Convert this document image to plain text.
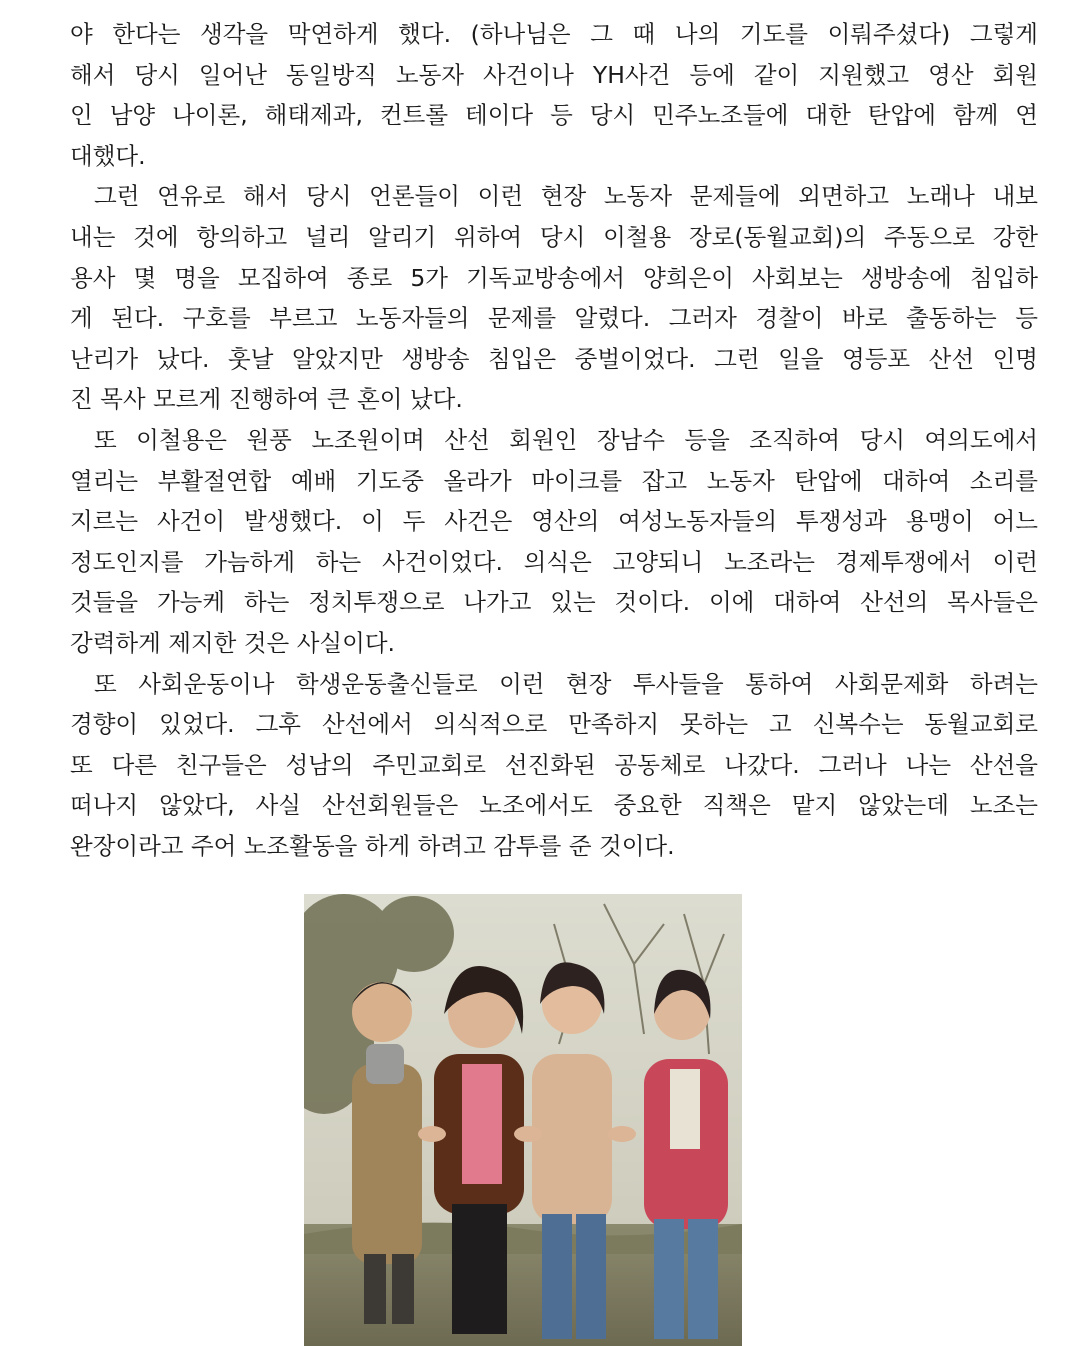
야 한다는 생각을 막연하게 했다. (하나님은 그 때 나의 기도를 이뤄주셨다) 그렇게
해서 당시 일어난 동일방직 노동자 사건이나 YH사건 등에 같이 지원했고 영산 회원
인 남양 나이론, 해태제과, 컨트롤 테이다 등 당시 민주노조들에 대한 탄압에 함께 연
대했다.
그런 연유로 해서 당시 언론들이 이런 현장 노동자 문제들에 외면하고 노래나 내보
내는 것에 항의하고 널리 알리기 위하여 당시 이철용 장로(동월교회)의 주동으로 강한
용사 몇 명을 모집하여 종로 5가 기독교방송에서 양희은이 사회보는 생방송에 침입하
게 된다. 구호를 부르고 노동자들의 문제를 알렸다. 그러자 경찰이 바로 출동하는 등
난리가 났다. 훗날 알았지만 생방송 침입은 중벌이었다. 그런 일을 영등포 산선 인명
진 목사 모르게 진행하여 큰 혼이 났다.
또 이철용은 원풍 노조원이며 산선 회원인 장남수 등을 조직하여 당시 여의도에서
열리는 부활절연합 예배 기도중 올라가 마이크를 잡고 노동자 탄압에 대하여 소리를
지르는 사건이 발생했다. 이 두 사건은 영산의 여성노동자들의 투쟁성과 용맹이 어느
정도인지를 가늠하게 하는 사건이었다. 의식은 고양되니 노조라는 경제투쟁에서 이런
것들을 가능케 하는 정치투쟁으로 나가고 있는 것이다. 이에 대하여 산선의 목사들은
강력하게 제지한 것은 사실이다.
또 사회운동이나 학생운동출신들로 이런 현장 투사들을 통하여 사회문제화 하려는
경향이 있었다. 그후 산선에서 의식적으로 만족하지 못하는 고 신복수는 동월교회로
또 다른 친구들은 성남의 주민교회로 선진화된 공동체로 나갔다. 그러나 나는 산선을
떠나지 않았다, 사실 산선회원들은 노조에서도 중요한 직책은 맡지 않았는데 노조는
완장이라고 주어 노조활동을 하게 하려고 감투를 준 것이다.
